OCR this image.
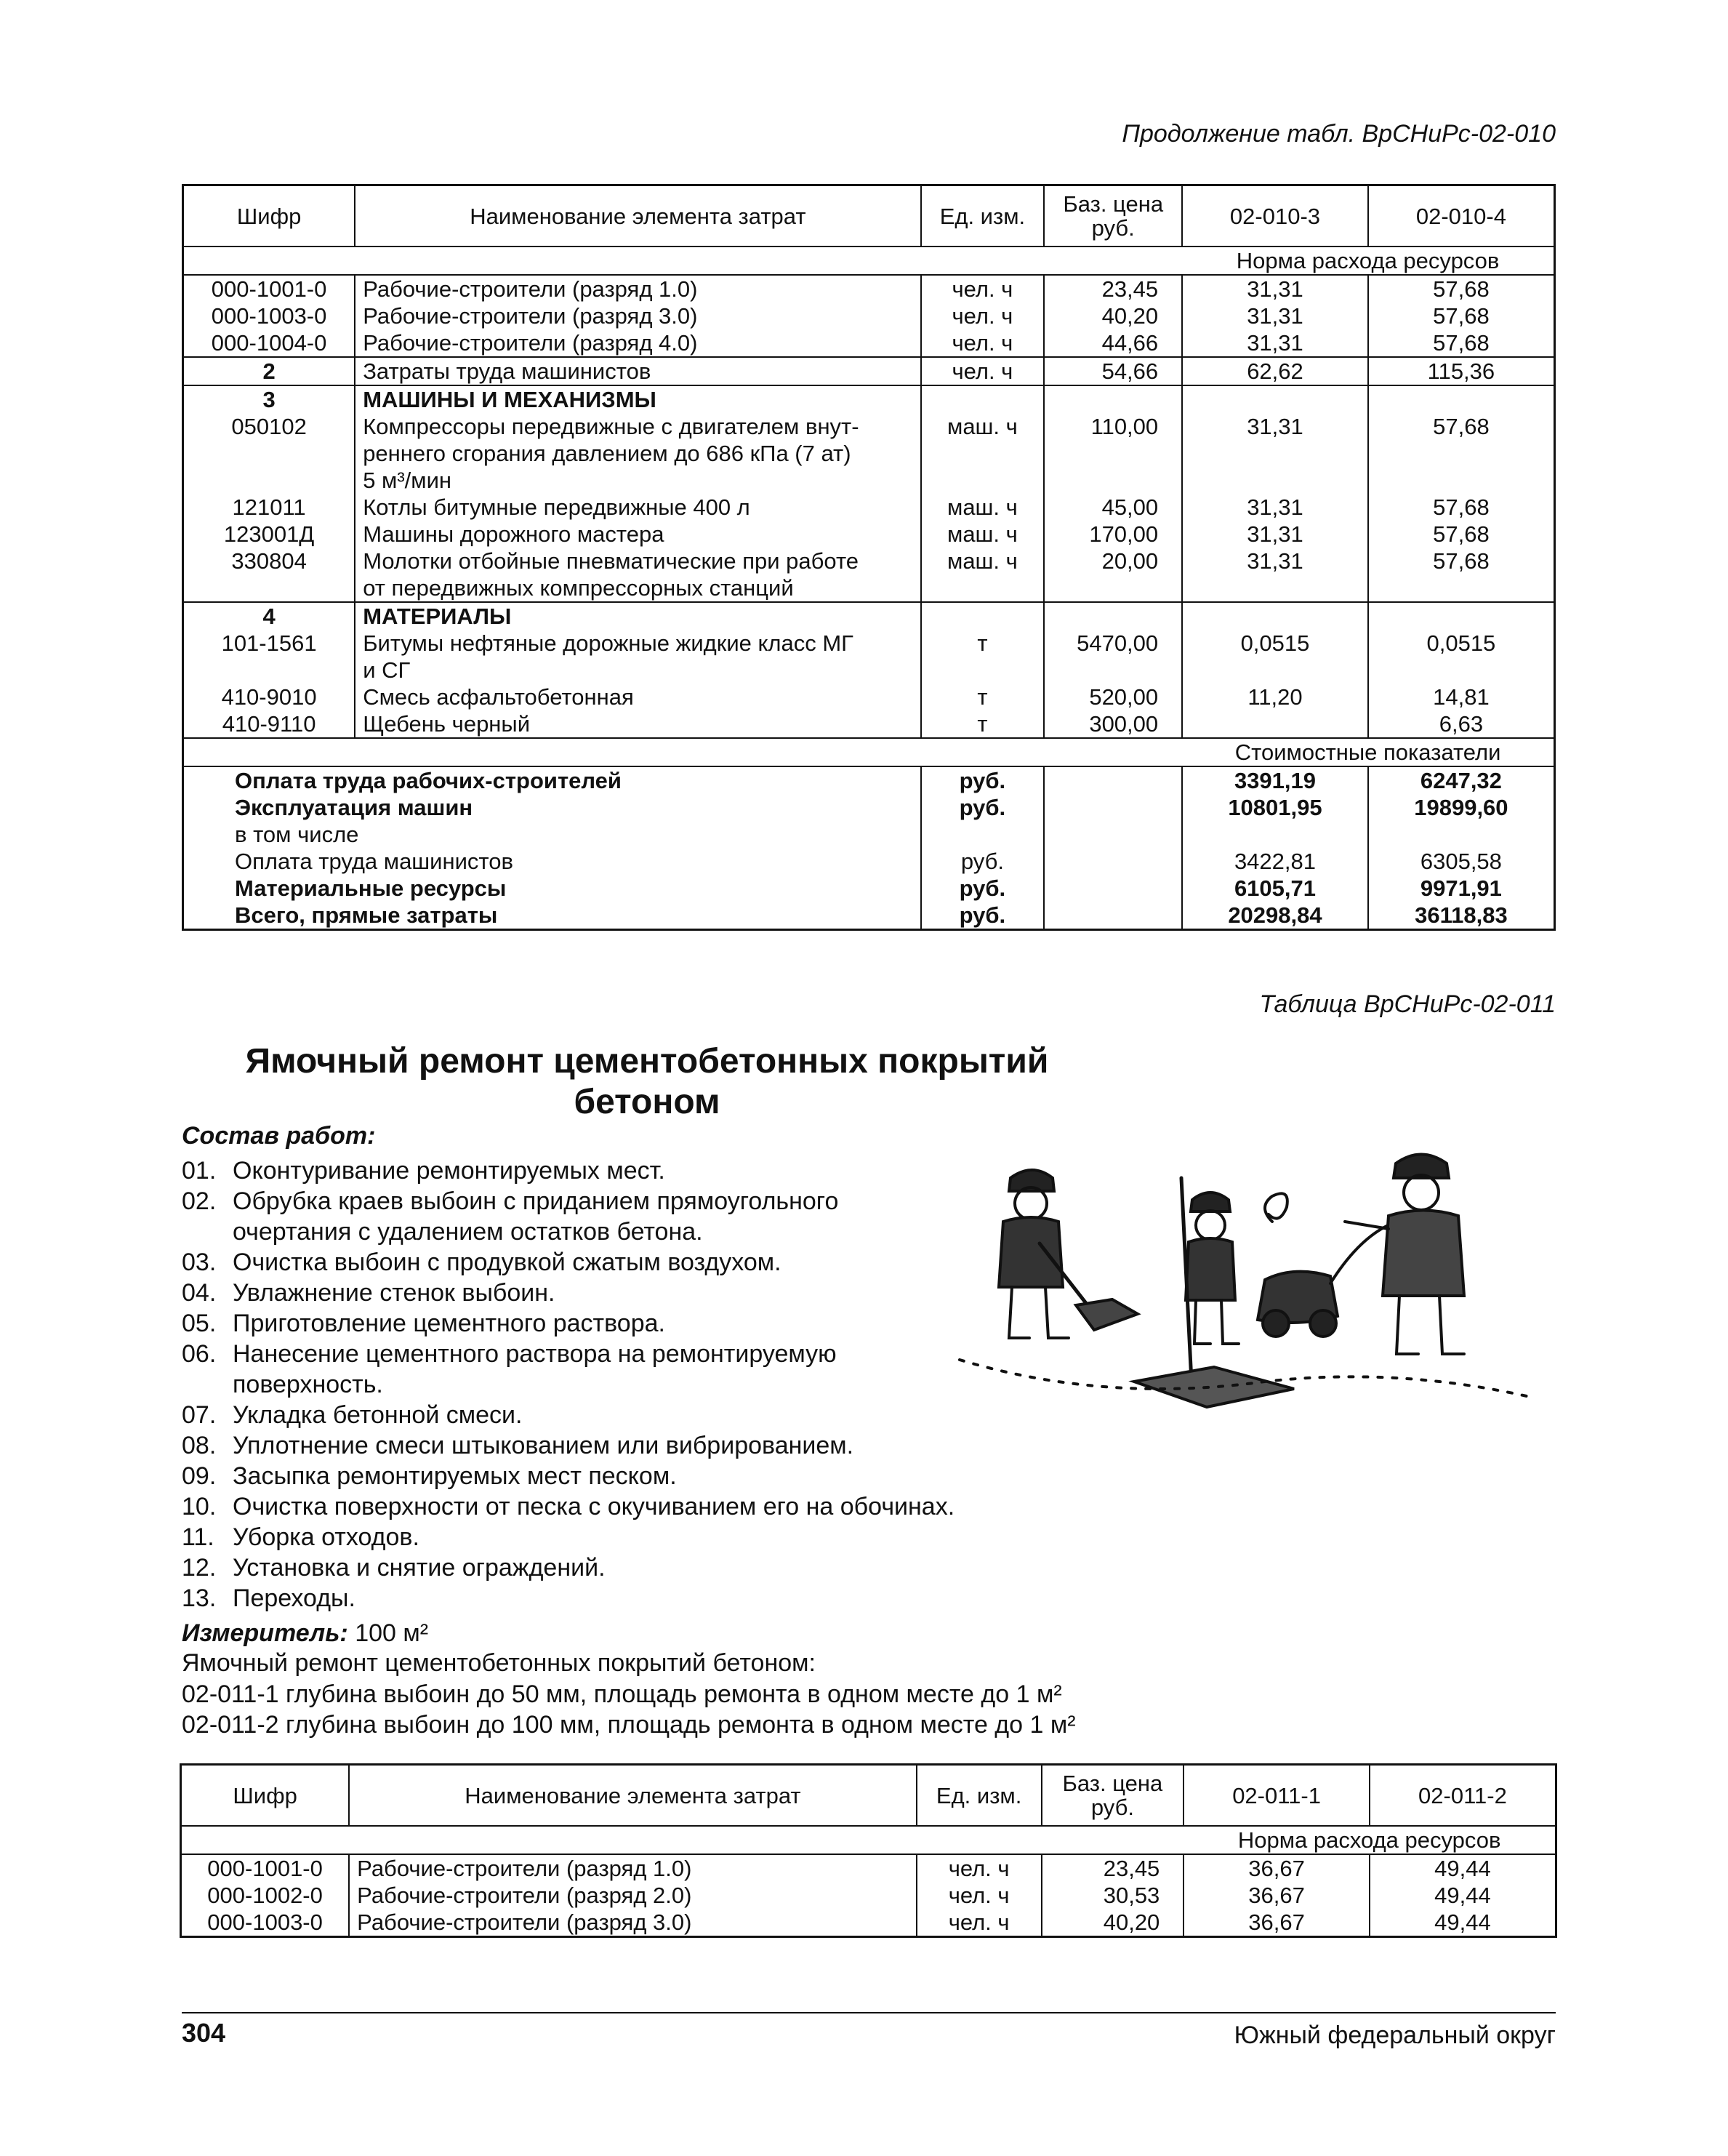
Продолжение табл. ВрСНиРс-02-010
Шифр	Наименование элемента затрат	Ед. изм.	Баз. цена руб.	02-010-3	02-010-4
				Норма расхода ресурсов	
000-1001-0	Рабочие-строители (разряд 1.0)	чел. ч	23,45	31,31	57,68
000-1003-0	Рабочие-строители (разряд 3.0)	чел. ч	40,20	31,31	57,68
000-1004-0	Рабочие-строители (разряд 4.0)	чел. ч	44,66	31,31	57,68
2	Затраты труда машинистов	чел. ч	54,66	62,62	115,36
3	МАШИНЫ И МЕХАНИЗМЫ				
050102	Компрессоры передвижные с двигателем внут-
реннего сгорания давлением до 686 кПа (7 ат)
5 м³/мин	маш. ч	110,00	31,31	57,68
121011	Котлы битумные передвижные 400 л	маш. ч	45,00	31,31	57,68
123001Д	Машины дорожного мастера	маш. ч	170,00	31,31	57,68
330804	Молотки отбойные пневматические при работе
от передвижных компрессорных станций	маш. ч	20,00	31,31	57,68
4	МАТЕРИАЛЫ				
101-1561	Битумы нефтяные дорожные жидкие класс МГ
и СГ	т	5470,00	0,0515	0,0515
410-9010	Смесь асфальтобетонная	т	520,00	11,20	14,81
410-9110	Щебень черный	т	300,00		6,63
				Стоимостные показатели	
Оплата труда рабочих-строителей		руб.		3391,19	6247,32
Эксплуатация машин		руб.		10801,95	19899,60
в том числе					
Оплата труда машинистов		руб.		3422,81	6305,58
Материальные ресурсы		руб.		6105,71	9971,91
Всего, прямые затраты		руб.		20298,84	36118,83
Таблица ВрСНиРс-02-011
Ямочный ремонт цементобетонных покрытий
бетоном
Состав работ:
01. Оконтуривание ремонтируемых мест.
02. Обрубка краев выбоин с приданием прямоугольного
очертания с удалением остатков бетона.
03. Очистка выбоин с продувкой сжатым воздухом.
04. Увлажнение стенок выбоин.
05. Приготовление цементного раствора.
06. Нанесение цементного раствора на ремонтируемую
поверхность.
07. Укладка бетонной смеси.
08. Уплотнение смеси штыкованием или вибрированием.
09. Засыпка ремонтируемых мест песком.
10. Очистка поверхности от песка с окучиванием его на обочинах.
11. Уборка отходов.
12. Установка и снятие ограждений.
13. Переходы.
Измеритель: 100 м²
Ямочный ремонт цементобетонных покрытий бетоном:
02-011-1 глубина выбоин до 50 мм, площадь ремонта в одном месте до 1 м²
02-011-2 глубина выбоин до 100 мм, площадь ремонта в одном месте до 1 м²
Шифр	Наименование элемента затрат	Ед. изм.	Баз. цена руб.	02-011-1	02-011-2
				Норма расхода ресурсов	
000-1001-0	Рабочие-строители (разряд 1.0)	чел. ч	23,45	36,67	49,44
000-1002-0	Рабочие-строители (разряд 2.0)	чел. ч	30,53	36,67	49,44
000-1003-0	Рабочие-строители (разряд 3.0)	чел. ч	40,20	36,67	49,44
304	Южный федеральный округ
